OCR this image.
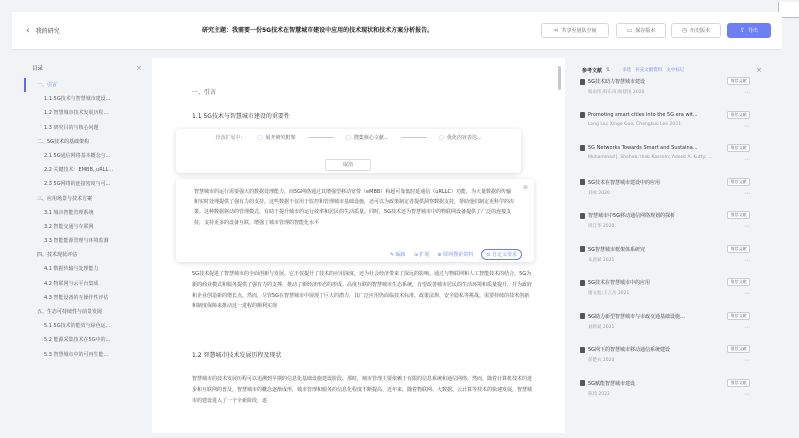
‹ 我的研究	研究主题：我需要一份5G技术在智慧城市建设中应用的技术现状和技术方案分析报告。	⋖ 共享至团队空间	▭ 保存版本	◷ 历史版本	⇪ 导出
目录	×
一、引言
1.1 5G技术与智慧城市建设...
1.2 智慧城市技术发展历程...
1.3 研究目的与核心问题
二、5G技术的基础架构
2.1 5G通信网络基本概念与...
2.2 关键技术：EMBB, uRLL...
2.3 5G网络的连接密度与可...
三、应用场景与技术方案
3.1 城市智能管理系统
3.2 智能交通与车联网
3.3 智能能源管理与环境监测
四、技术现状评估
4.1 数据传输与处理能力
4.2 物联网与云平台集成
4.3 智能设备的互操作性评估
五、生态可持续性与前景发展
5.1 5G技术的能效与绿色运...
5.2 能源采集技术在5G中的...
5.3 智慧城市中的可再生能...
一、引言
1.1 5G技术与智慧城市建设的重要性
5G技术促进了智慧城市的全面创新与发展。它不仅提升了技术的应用深度，还为社会经济带来了深远的影响。通过与物联网和人工智能技术的结合，5G为新的商业模式和服务提供了强有力的支撑，推动了新经济形态的形成。高度互联的智慧城市生态系统，有望改善城市居民的生活环境和质量提升，并为政府和企业创造新的增长点。然而，尽管5G在智慧城市中展现了巨大的潜力，其广泛应用仍面临技术标准、政策法规、安全隐私等挑战，需要持续的技术创新和制度保障来推动这一进程的顺利实现
1.2 智慧城市技术发展历程及现状
智慧城市的技术发展历程可以追溯到早期的信息化基础设施建设阶段。那时，城市管理主要依赖于有限的信息系统和通信网络。然而，随着计算机技术的进步和互联网的普及，智慧城市的概念逐渐成形，城市管理和服务的信息化程度不断提高。近年来，随着物联网、大数据、云计算等技术的快速发展，智慧城市的建设进入了一个全新阶段，逐
段落扩展中： ◌ 展开研究框架	◌ 搜集核心文献...	◌ 优化内容表达...
取消
⊗
智慧城市的运行需要强大的数据处理能力，而5G网络通过其增强型移动宽带（eMBB）和超可靠低时延通信（uRLLC）功能，为大量数据的传输和实时处理提供了强有力的支持。这些数据不仅用于监控和管理城市基础设施，还可以为政策制定者提供洞察数据支持，帮助他们制定更科学的决策。这种数据驱动的管理模式，有助于提升城市的运行效率和居民的生活质量。同时，5G技术还为智慧城市中的物联网设备提供了广泛的连接支持，支持更多的设备互联，增强了城市管理的智能化水平
✎ 编辑 ⇲ 扩展 ⊕ 联网搜索资料	⊙ 自定义要求
参考文献 ⇅	多选 补充文献资料 文中标记	×
5G技术助力智慧城市建设	推荐文献
杨雨彤;韩东雨;杨建国 2020	⋯
Promoting smart cities into the 5G era wit...	推荐文献
Long Liu; Xinge Guo; Chengkuo Lee 2021	⋯
5G Networks Towards Smart and Sustaina...	推荐文献
Muhammad J. Shehab; Ihab Kassem; Adeeb A. Kutty; ...	⋯
5G技术在智慧城市建设中的应用	推荐文献
刘承 2020	⋯
智慧城市中5G移动通信网络规划的探析	推荐文献
周江华 2020	⋯
5G智慧城市框架体系研究	推荐文献
朱晨斌 2021	⋯
5G技术在智慧城市中的应用	推荐文献
谢文彪;王云岳 2021	⋯
5G助力新型智慧城市与市政交通基础设施...	推荐文献
刘新斌 2021	⋯
5G网下的智慧城市移动通信系统建设	推荐文献
彭楚衣 2020	⋯
5G赋能智慧城市建设	推荐文献
陈琦 2022	⋯
